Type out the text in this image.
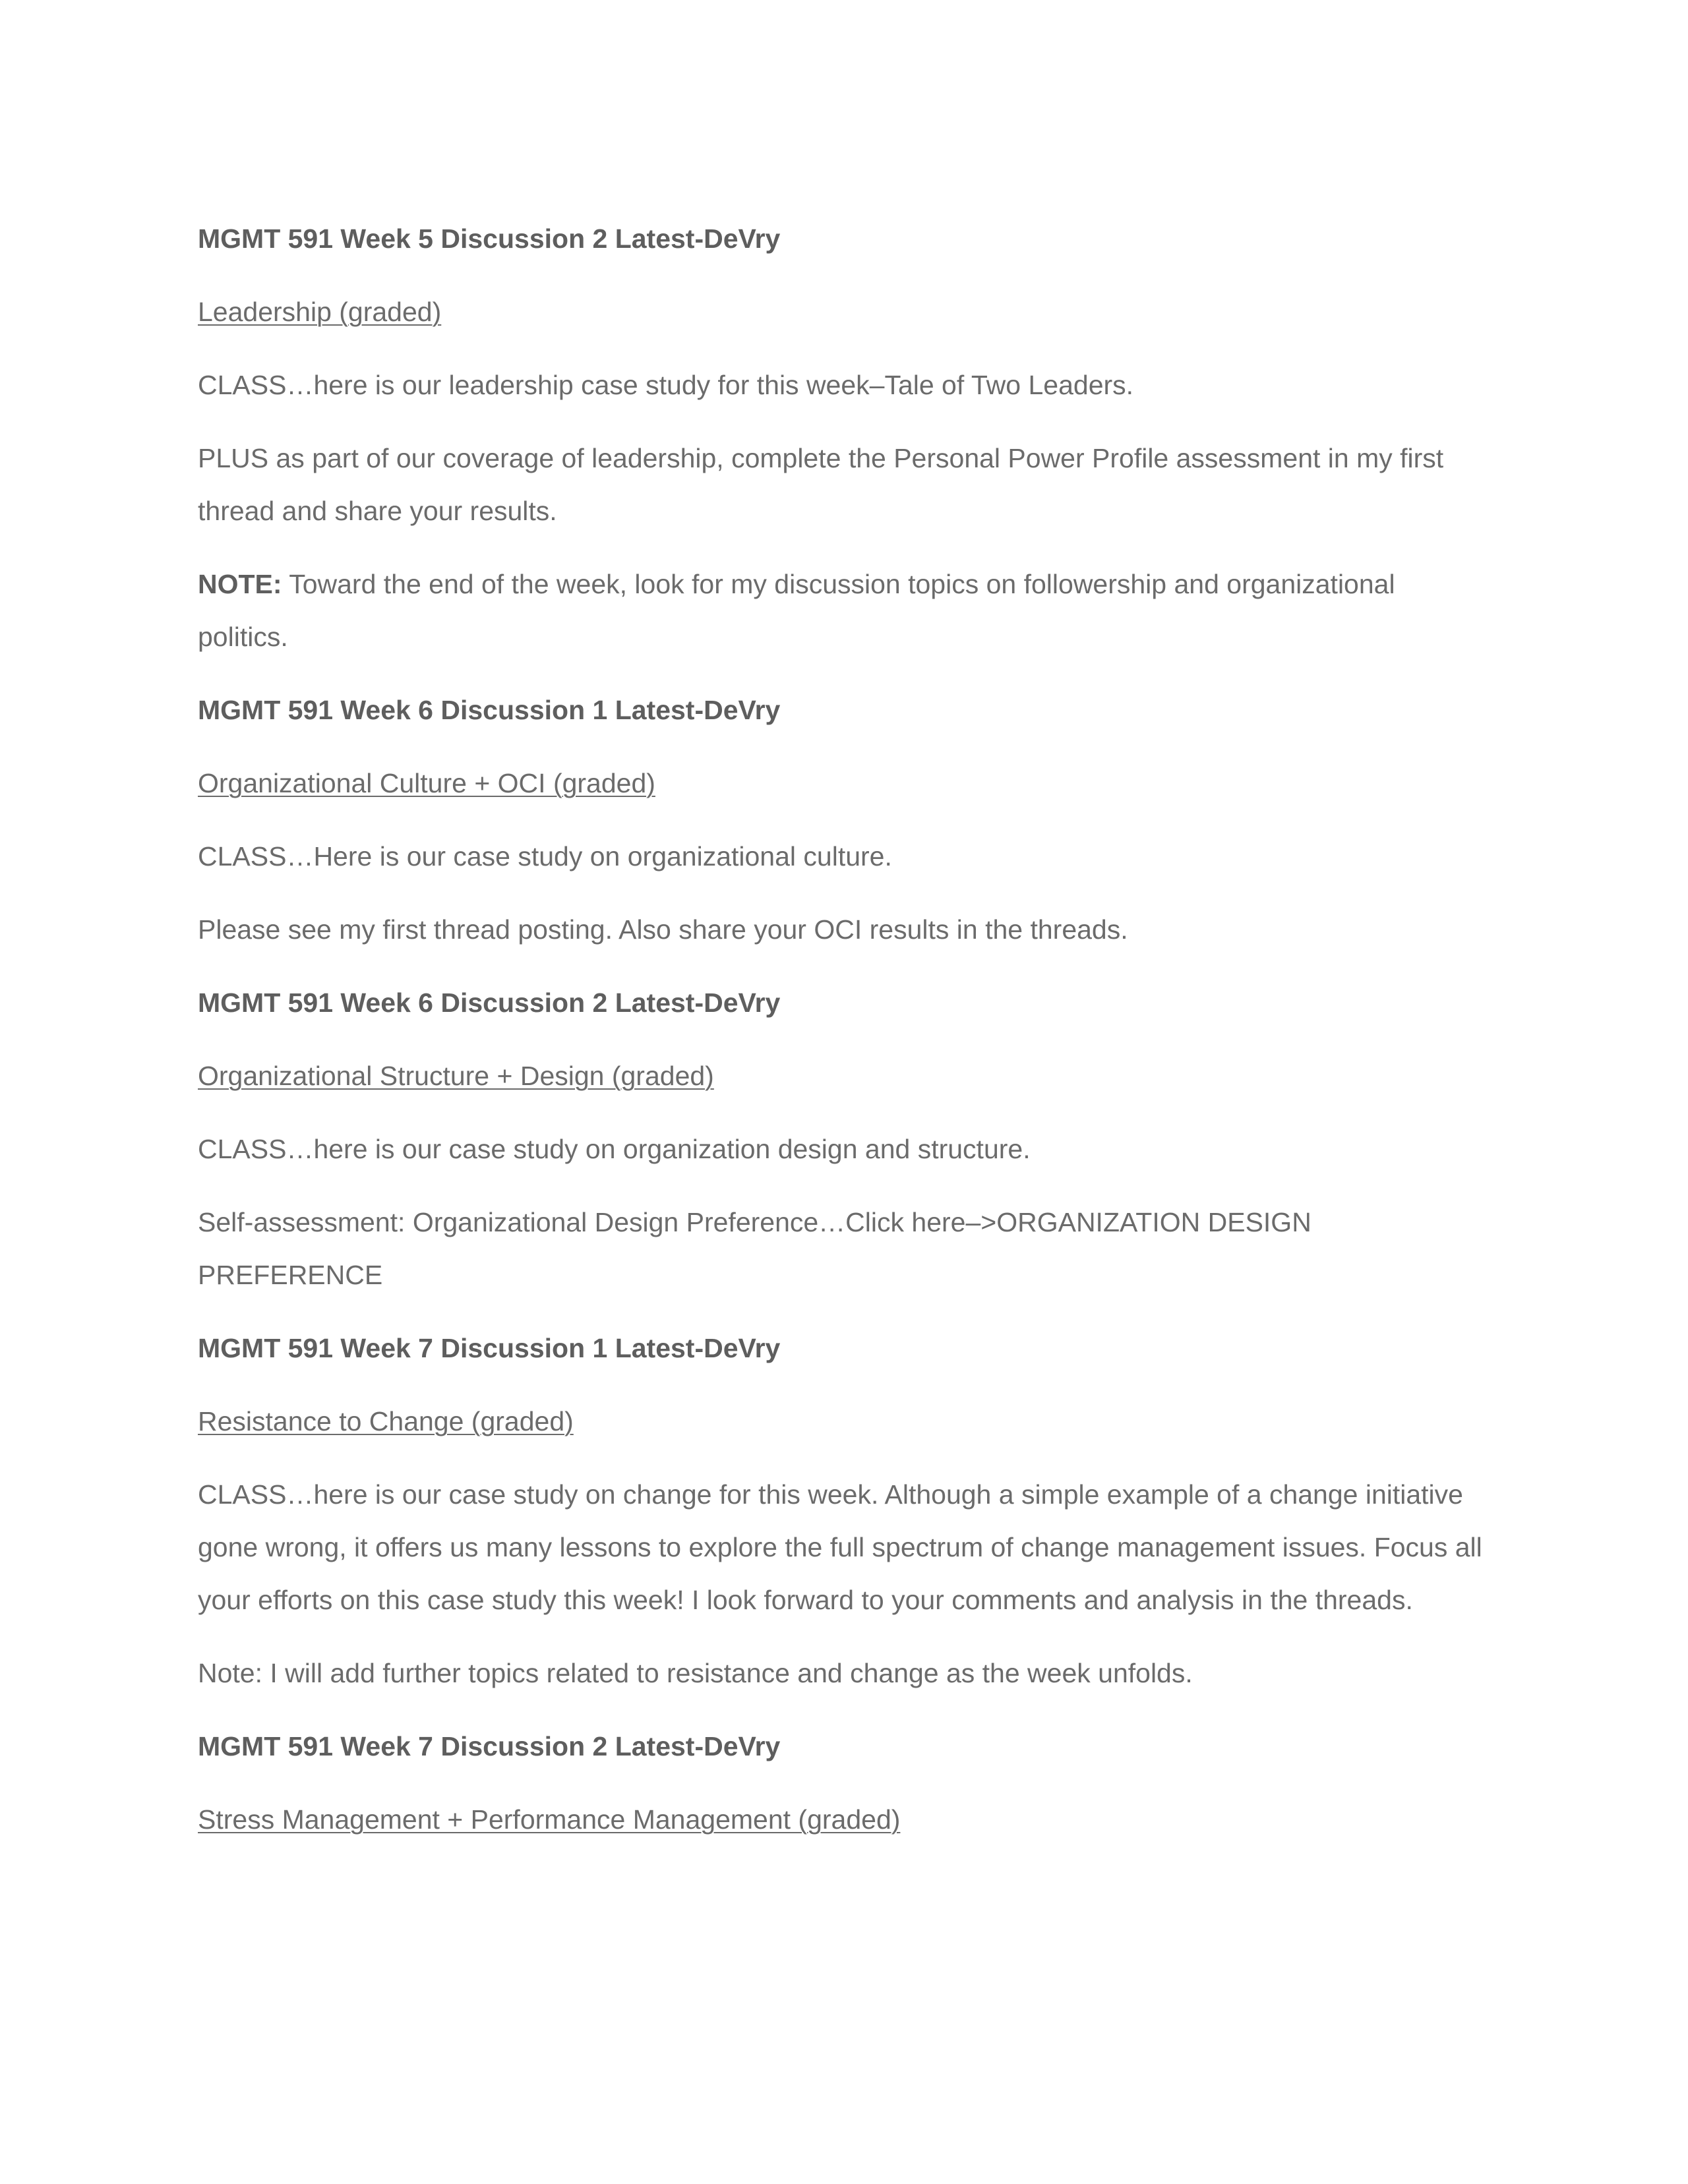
MGMT 591 Week 5 Discussion 2 Latest-DeVry

Leadership (graded)

CLASS…here is our leadership case study for this week–Tale of Two Leaders.

PLUS as part of our coverage of leadership, complete the Personal Power Profile assessment in my first thread and share your results.

NOTE: Toward the end of the week, look for my discussion topics on followership and organizational politics.

MGMT 591 Week 6 Discussion 1 Latest-DeVry

Organizational Culture + OCI (graded)

CLASS…Here is our case study on organizational culture.

Please see my first thread posting. Also share your OCI results in the threads.

MGMT 591 Week 6 Discussion 2 Latest-DeVry

Organizational Structure + Design (graded)

CLASS…here is our case study on organization design and structure.

Self-assessment: Organizational Design Preference…Click here–>ORGANIZATION DESIGN PREFERENCE

MGMT 591 Week 7 Discussion 1 Latest-DeVry

Resistance to Change (graded)

CLASS…here is our case study on change for this week. Although a simple example of a change initiative gone wrong, it offers us many lessons to explore the full spectrum of change management issues. Focus all your efforts on this case study this week! I look forward to your comments and analysis in the threads.

Note: I will add further topics related to resistance and change as the week unfolds.

MGMT 591 Week 7 Discussion 2 Latest-DeVry

Stress Management + Performance Management (graded)
